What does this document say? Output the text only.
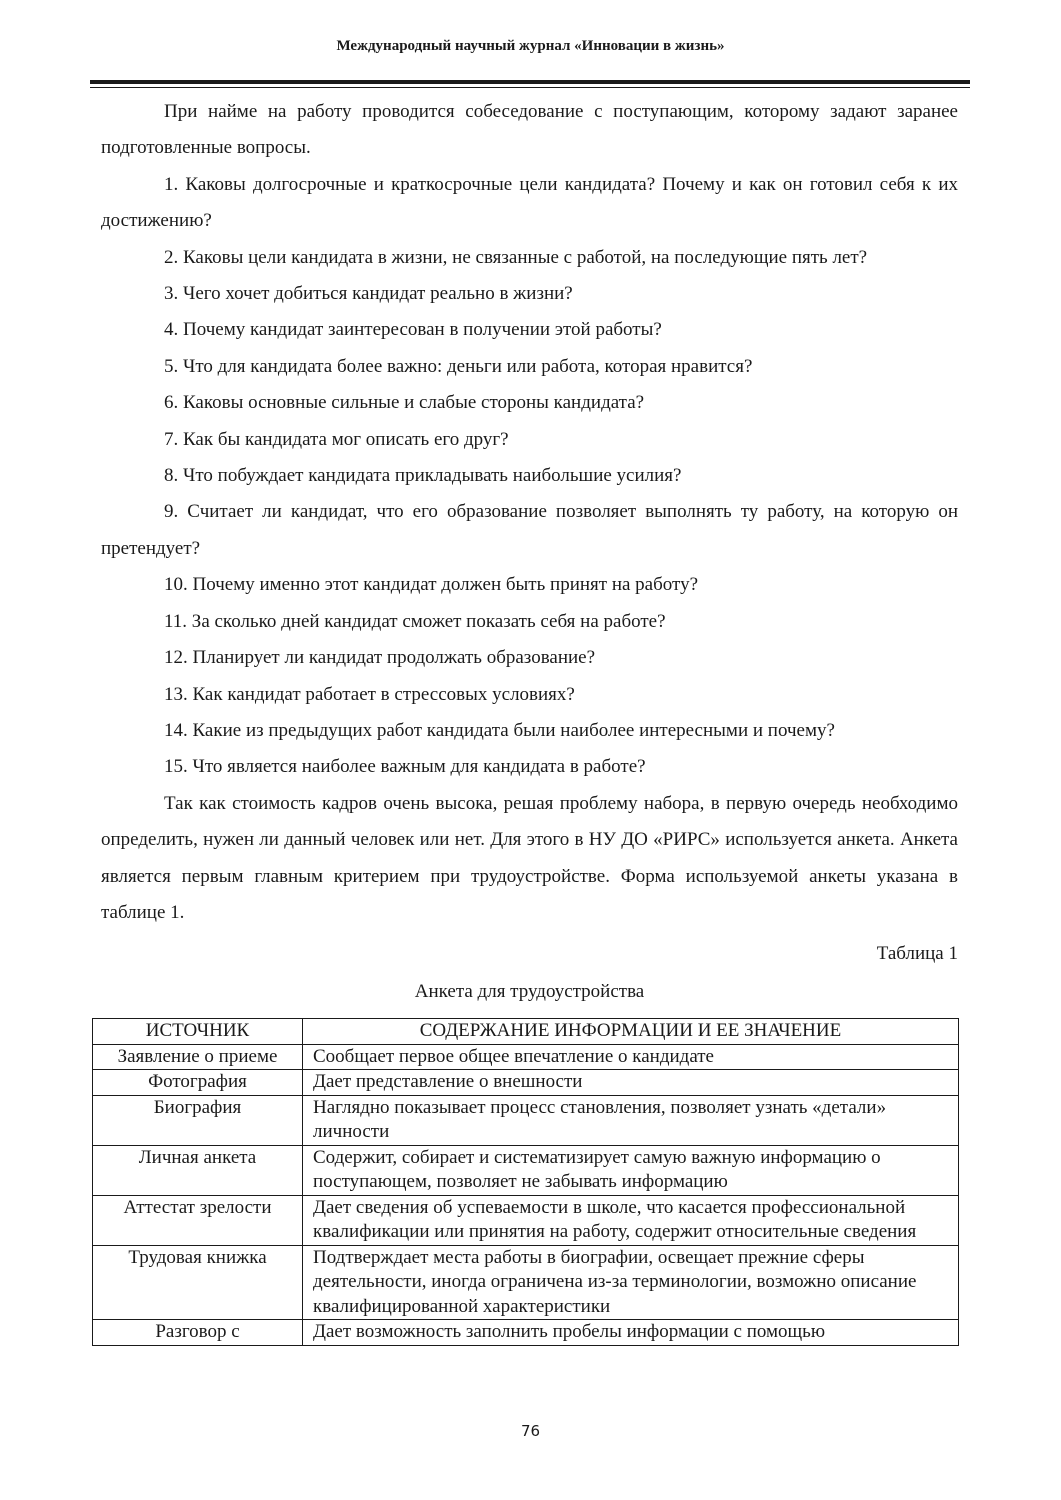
Международный научный журнал «Инновации в жизнь»

При найме на работу проводится собеседование с поступающим, которому задают заранее подготовленные вопросы.

1. Каковы долгосрочные и краткосрочные цели кандидата? Почему и как он готовил себя к их достижению?

2. Каковы цели кандидата в жизни, не связанные с работой, на последующие пять лет?

3. Чего хочет добиться кандидат реально в жизни?

4. Почему кандидат заинтересован в получении этой работы?

5. Что для кандидата более важно: деньги или работа, которая нравится?

6. Каковы основные сильные и слабые стороны кандидата?

7. Как бы кандидата мог описать его друг?

8. Что побуждает кандидата прикладывать наибольшие усилия?

9. Считает ли кандидат, что его образование позволяет выполнять ту работу, на которую он претендует?

10. Почему именно этот кандидат должен быть принят на работу?

11. За сколько дней кандидат сможет показать себя на работе?

12. Планирует ли кандидат продолжать образование?

13. Как кандидат работает в стрессовых условиях?

14. Какие из предыдущих работ кандидата были наиболее интересными и почему?

15. Что является наиболее важным для кандидата в работе?

Так как стоимость кадров очень высока, решая проблему набора, в первую очередь необходимо определить, нужен ли данный человек или нет. Для этого в НУ ДО «РИРС» используется анкета. Анкета является первым главным критерием при трудоустройстве. Форма используемой анкеты указана в таблице 1.

Таблица 1
Анкета для трудоустройства
ИСТОЧНИК	СОДЕРЖАНИЕ ИНФОРМАЦИИ И ЕЕ ЗНАЧЕНИЕ
Заявление о приеме	Сообщает первое общее впечатление о кандидате
Фотография	Дает представление о внешности
Биография	Наглядно показывает процесс становления, позволяет узнать «детали» личности
Личная анкета	Содержит, собирает и систематизирует самую важную информацию о поступающем, позволяет не забывать информацию
Аттестат зрелости	Дает сведения об успеваемости в школе, что касается профессиональной квалификации или принятия на работу, содержит относительные сведения
Трудовая книжка	Подтверждает места работы в биографии, освещает прежние сферы деятельности, иногда ограничена из-за терминологии, возможно описание квалифицированной характеристики
Разговор с	Дает возможность заполнить пробелы информации с помощью
76
